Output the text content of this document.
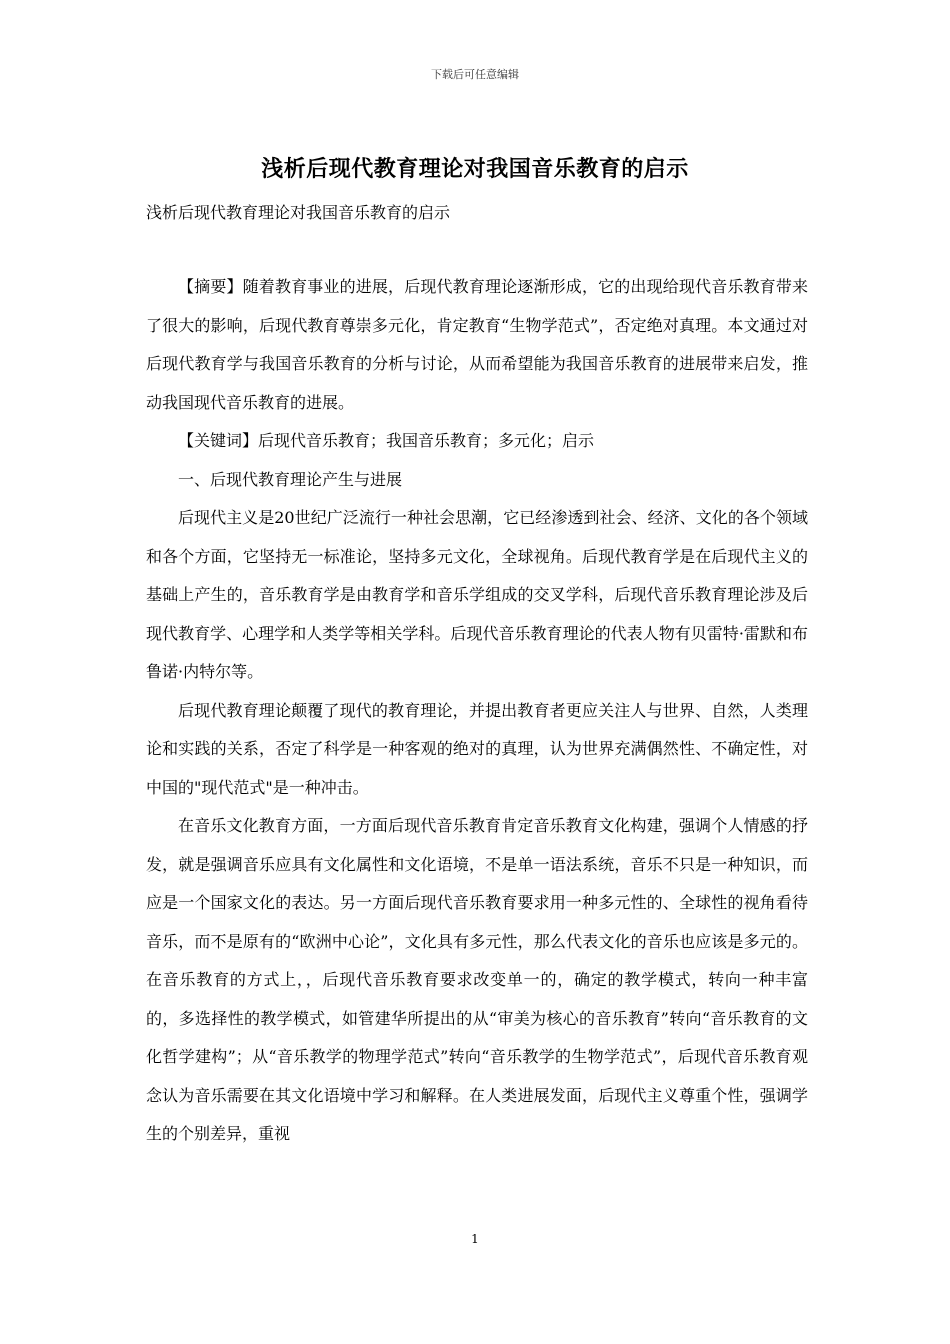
下载后可任意编辑
浅析后现代教育理论对我国音乐教育的启示
浅析后现代教育理论对我国音乐教育的启示

【摘要】随着教育事业的进展，后现代教育理论逐渐形成，它的出现给现代音乐教育带来了很大的影响，后现代教育尊崇多元化，肯定教育“生物学范式”，否定绝对真理。本文通过对后现代教育学与我国音乐教育的分析与讨论，从而希望能为我国音乐教育的进展带来启发，推动我国现代音乐教育的进展。

【关键词】后现代音乐教育；我国音乐教育；多元化；启示

一、后现代教育理论产生与进展

后现代主义是20世纪广泛流行一种社会思潮，它已经渗透到社会、经济、文化的各个领域和各个方面，它坚持无一标准论，坚持多元文化，全球视角。后现代教育学是在后现代主义的基础上产生的，音乐教育学是由教育学和音乐学组成的交叉学科，后现代音乐教育理论涉及后现代教育学、心理学和人类学等相关学科。后现代音乐教育理论的代表人物有贝雷特·雷默和布鲁诺·内特尔等。

后现代教育理论颠覆了现代的教育理论，并提出教育者更应关注人与世界、自然，人类理论和实践的关系，否定了科学是一种客观的绝对的真理，认为世界充满偶然性、不确定性，对中国的"现代范式"是一种冲击。

在音乐文化教育方面，一方面后现代音乐教育肯定音乐教育文化构建，强调个人情感的抒发，就是强调音乐应具有文化属性和文化语境，不是单一语法系统，音乐不只是一种知识，而应是一个国家文化的表达。另一方面后现代音乐教育要求用一种多元性的、全球性的视角看待音乐，而不是原有的“欧洲中心论”，文化具有多元性，那么代表文化的音乐也应该是多元的。在音乐教育的方式上，，后现代音乐教育要求改变单一的，确定的教学模式，转向一种丰富的，多选择性的教学模式，如管建华所提出的从“审美为核心的音乐教育”转向“音乐教育的文化哲学建构”；从“音乐教学的物理学范式”转向“音乐教学的生物学范式”，后现代音乐教育观念认为音乐需要在其文化语境中学习和解释。在人类进展发面，后现代主义尊重个性，强调学生的个别差异，重视

1
